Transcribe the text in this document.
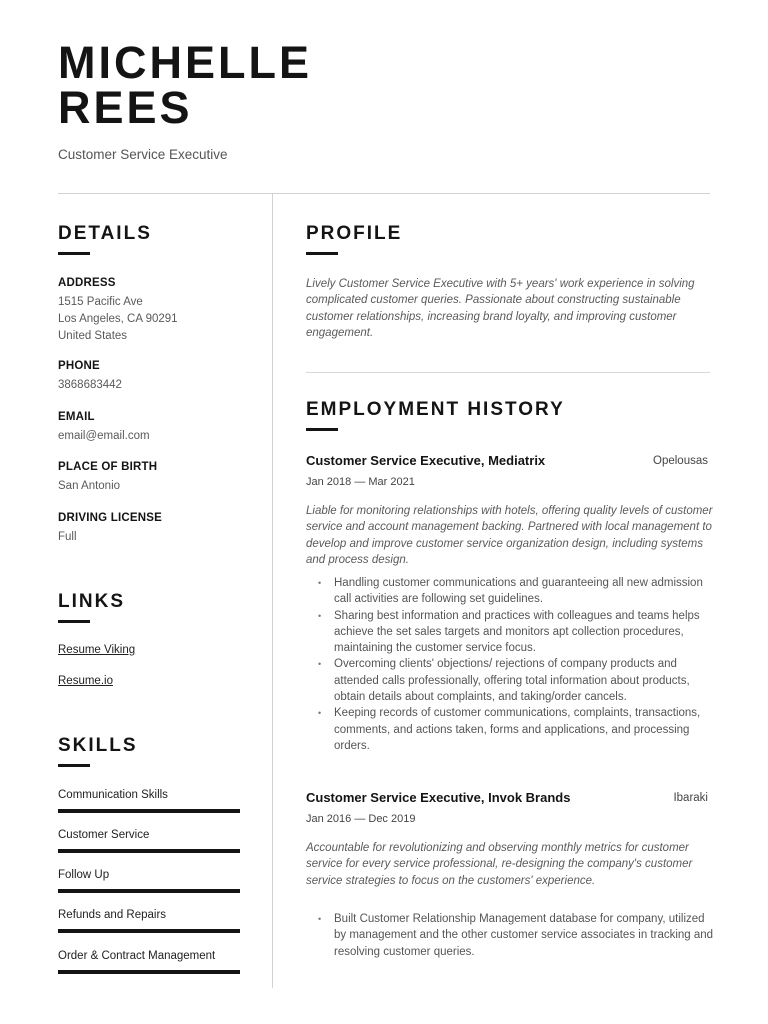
MICHELLE
REES
Customer Service Executive
DETAILS
ADDRESS
1515 Pacific Ave
Los Angeles, CA 90291
United States
PHONE
3868683442
EMAIL
email@email.com
PLACE OF BIRTH
San Antonio
DRIVING LICENSE
Full
LINKS
Resume Viking
Resume.io
SKILLS
Communication Skills
Customer Service
Follow Up
Refunds and Repairs
Order & Contract Management
PROFILE
Lively Customer Service Executive with 5+ years' work experience in solving complicated customer queries. Passionate about constructing sustainable customer relationships, increasing brand loyalty, and improving customer engagement.
EMPLOYMENT HISTORY
Customer Service Executive, Mediatrix	Opelousas
Jan 2018 — Mar 2021
Liable for monitoring relationships with hotels, offering quality levels of customer service and account management backing. Partnered with local management to develop and improve customer service organization design, including systems and process design.
• Handling customer communications and guaranteeing all new admission call activities are following set guidelines.
• Sharing best information and practices with colleagues and teams helps achieve the set sales targets and monitors apt collection procedures, maintaining the customer service focus.
• Overcoming clients' objections/ rejections of company products and attended calls professionally, offering total information about products, obtain details about complaints, and taking/order cancels.
• Keeping records of customer communications, complaints, transactions, comments, and actions taken, forms and applications, and processing orders.
Customer Service Executive, Invok Brands	Ibaraki
Jan 2016 — Dec 2019
Accountable for revolutionizing and observing monthly metrics for customer service for every service professional, re-designing the company's customer service strategies to focus on the customers' experience.
• Built Customer Relationship Management database for company, utilized by management and the other customer service associates in tracking and resolving customer queries.
